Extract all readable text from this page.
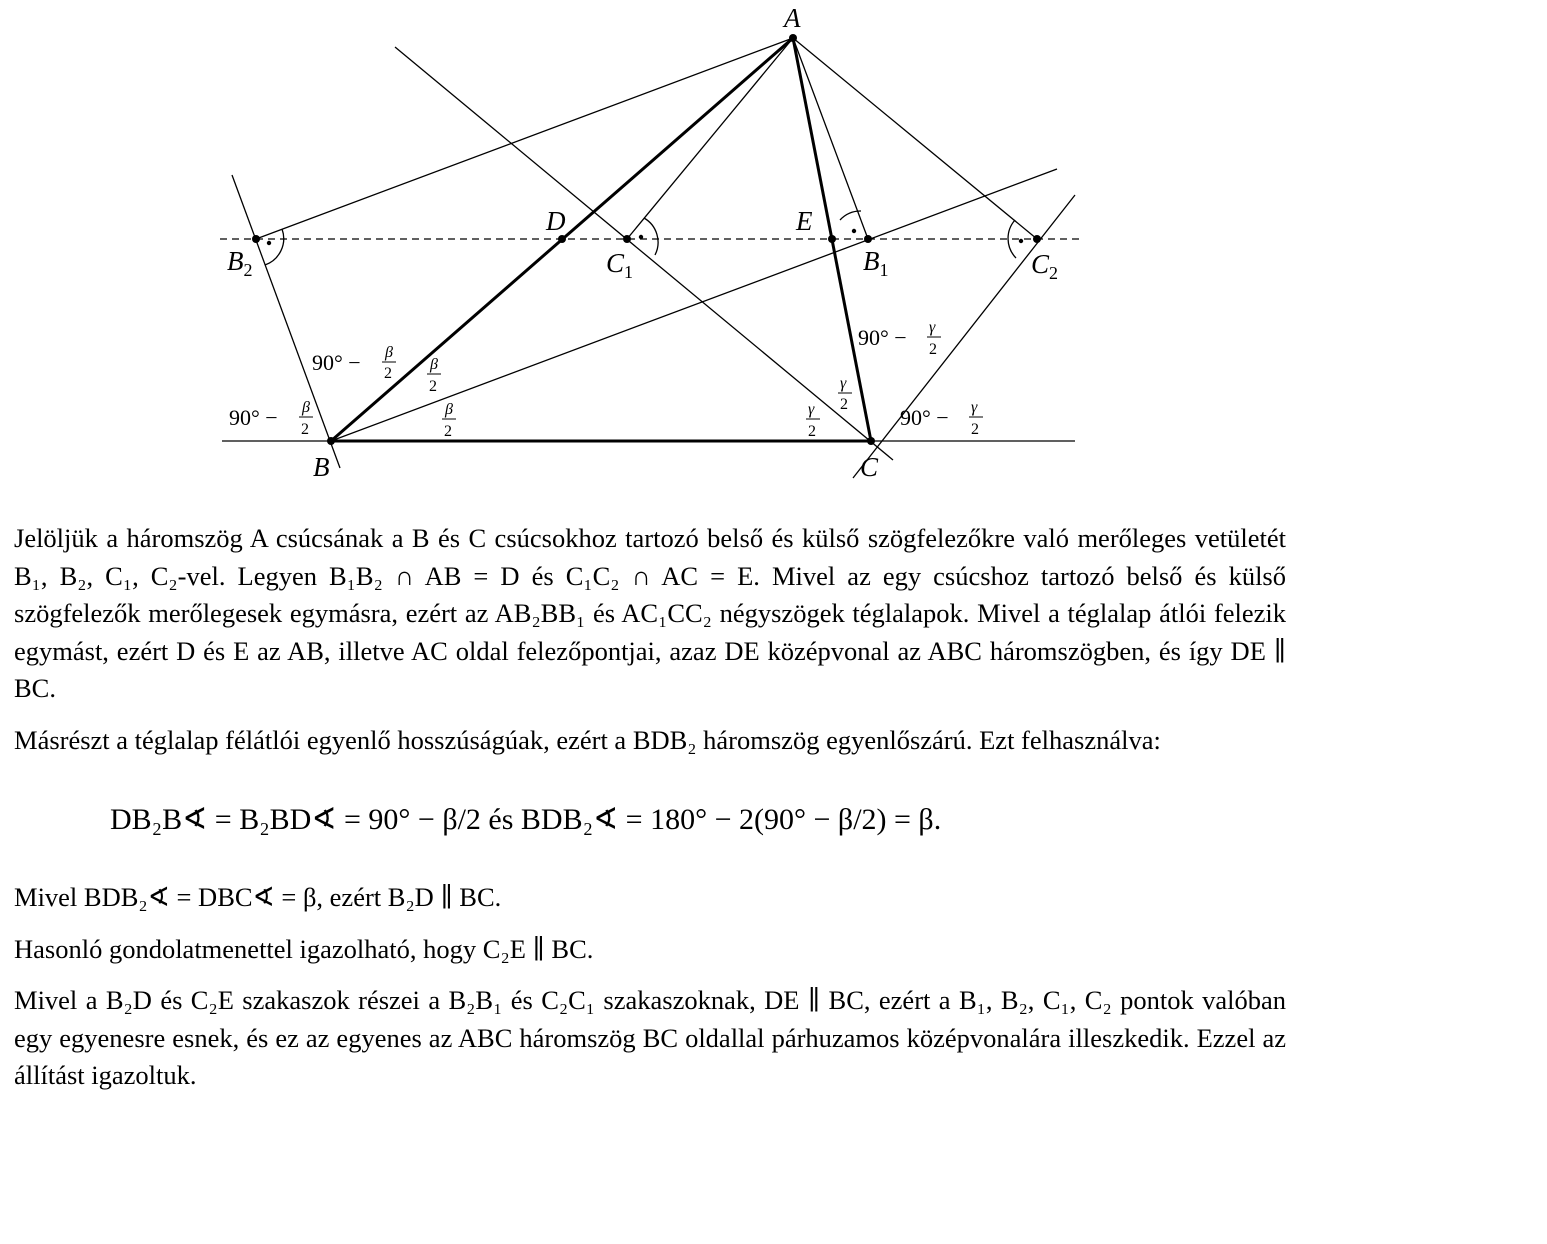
A
B	C
D	E
$B_2$	$C_1$	$B_1$	$C_2$
90° − β
2
90° − β
2
β
2
β
2
γ
2
γ
2
90° − γ
2
90° − γ
2

Jelöljük a háromszög A csúcsának a B és C csúcsokhoz tartozó belső és külső szögfelezőkre való merőleges vetületét B₁, B₂, C₁, C₂-vel. Legyen B₁B₂ ∩ AB = D és C₁C₂ ∩ AC = E. Mivel az egy csúcshoz tartozó belső és külső szögfelezők merőlegesek egymásra, ezért az AB₂BB₁ és AC₁CC₂ négyszögek téglalapok. Mivel a téglalap átlói felezik egymást, ezért D és E az AB, illetve AC oldal felezőpontjai, azaz DE középvonal az ABC háromszögben, és így DE ∥ BC.

Másrészt a téglalap félátlói egyenlő hosszúságúak, ezért a BDB₂ háromszög egyenlőszárú. Ezt felhasználva:

DB₂B∢ = B₂BD∢ = 90° − β/2 és BDB₂∢ = 180° − 2(90° − β/2) = β.

Mivel BDB₂∢ = DBC∢ = β, ezért B₂D ∥ BC.

Hasonló gondolatmenettel igazolható, hogy C₂E ∥ BC.

Mivel a B₂D és C₂E szakaszok részei a B₂B₁ és C₂C₁ szakaszoknak, DE ∥ BC, ezért a B₁, B₂, C₁, C₂ pontok valóban egy egyenesre esnek, és ez az egyenes az ABC háromszög BC oldallal párhuzamos középvonalára illeszkedik. Ezzel az állítást igazoltuk.
